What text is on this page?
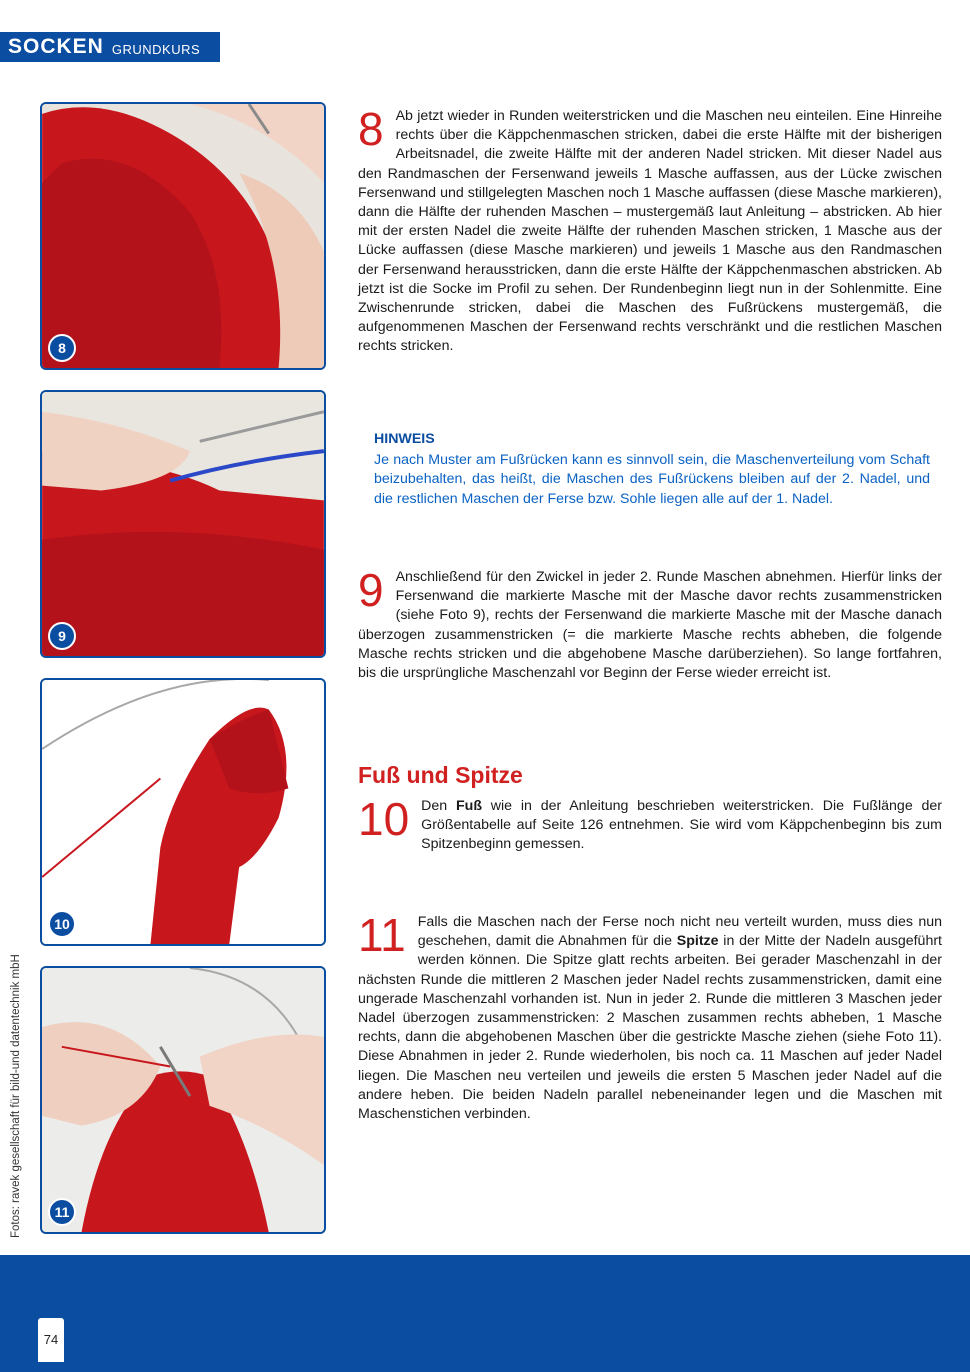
SOCKEN GRUNDKURS
8
9
10
11
8 Ab jetzt wieder in Runden weiterstricken und die Maschen neu einteilen. Eine Hinreihe rechts über die Käppchenmaschen stricken, dabei die erste Hälfte mit der bisherigen Arbeitsnadel, die zweite Hälfte mit der anderen Nadel stricken. Mit dieser Nadel aus den Randmaschen der Fersenwand jeweils 1 Masche auffassen, aus der Lücke zwischen Fersenwand und stillgelegten Maschen noch 1 Masche auffassen (diese Masche markieren), dann die Hälfte der ruhenden Maschen – mustergemäß laut Anleitung – abstricken. Ab hier mit der ersten Nadel die zweite Hälfte der ruhenden Maschen stricken, 1 Masche aus der Lücke auffassen (diese Masche markieren) und jeweils 1 Masche aus den Randmaschen der Fersenwand herausstricken, dann die erste Hälfte der Käppchenmaschen abstricken. Ab jetzt ist die Socke im Profil zu sehen. Der Rundenbeginn liegt nun in der Sohlenmitte. Eine Zwischenrunde stricken, dabei die Maschen des Fußrückens mustergemäß, die aufgenommenen Maschen der Fersenwand rechts verschränkt und die restlichen Maschen rechts stricken.
HINWEIS
Je nach Muster am Fußrücken kann es sinnvoll sein, die Maschenverteilung vom Schaft beizubehalten, das heißt, die Maschen des Fußrückens bleiben auf der 2. Nadel, und die restlichen Maschen der Ferse bzw. Sohle liegen alle auf der 1. Nadel.
9 Anschließend für den Zwickel in jeder 2. Runde Maschen abnehmen. Hierfür links der Fersenwand die markierte Masche mit der Masche davor rechts zusammenstricken (siehe Foto 9), rechts der Fersenwand die markierte Masche mit der Masche danach überzogen zusammenstricken (= die markierte Masche rechts abheben, die folgende Masche rechts stricken und die abgehobene Masche darüberziehen). So lange fortfahren, bis die ursprüngliche Maschenzahl vor Beginn der Ferse wieder erreicht ist.
Fuß und Spitze
10 Den Fuß wie in der Anleitung beschrieben weiterstricken. Die Fußlänge der Größentabelle auf Seite 126 entnehmen. Sie wird vom Käppchenbeginn bis zum Spitzenbeginn gemessen.
11 Falls die Maschen nach der Ferse noch nicht neu verteilt wurden, muss dies nun geschehen, damit die Abnahmen für die Spitze in der Mitte der Nadeln ausgeführt werden können. Die Spitze glatt rechts arbeiten. Bei gerader Maschenzahl in der nächsten Runde die mittleren 2 Maschen jeder Nadel rechts zusammenstricken, damit eine ungerade Maschenzahl vorhanden ist. Nun in jeder 2. Runde die mittleren 3 Maschen jeder Nadel überzogen zusammenstricken: 2 Maschen zusammen rechts abheben, 1 Masche rechts, dann die abgehobenen Maschen über die gestrickte Masche ziehen (siehe Foto 11). Diese Abnahmen in jeder 2. Runde wiederholen, bis noch ca. 11 Maschen auf jeder Nadel liegen. Die Maschen neu verteilen und jeweils die ersten 5 Maschen jeder Nadel auf die andere heben. Die beiden Nadeln parallel nebeneinander legen und die Maschen mit Maschenstichen verbinden.
Fotos: ravek gesellschaft für bild-und datentechnik mbH
74
